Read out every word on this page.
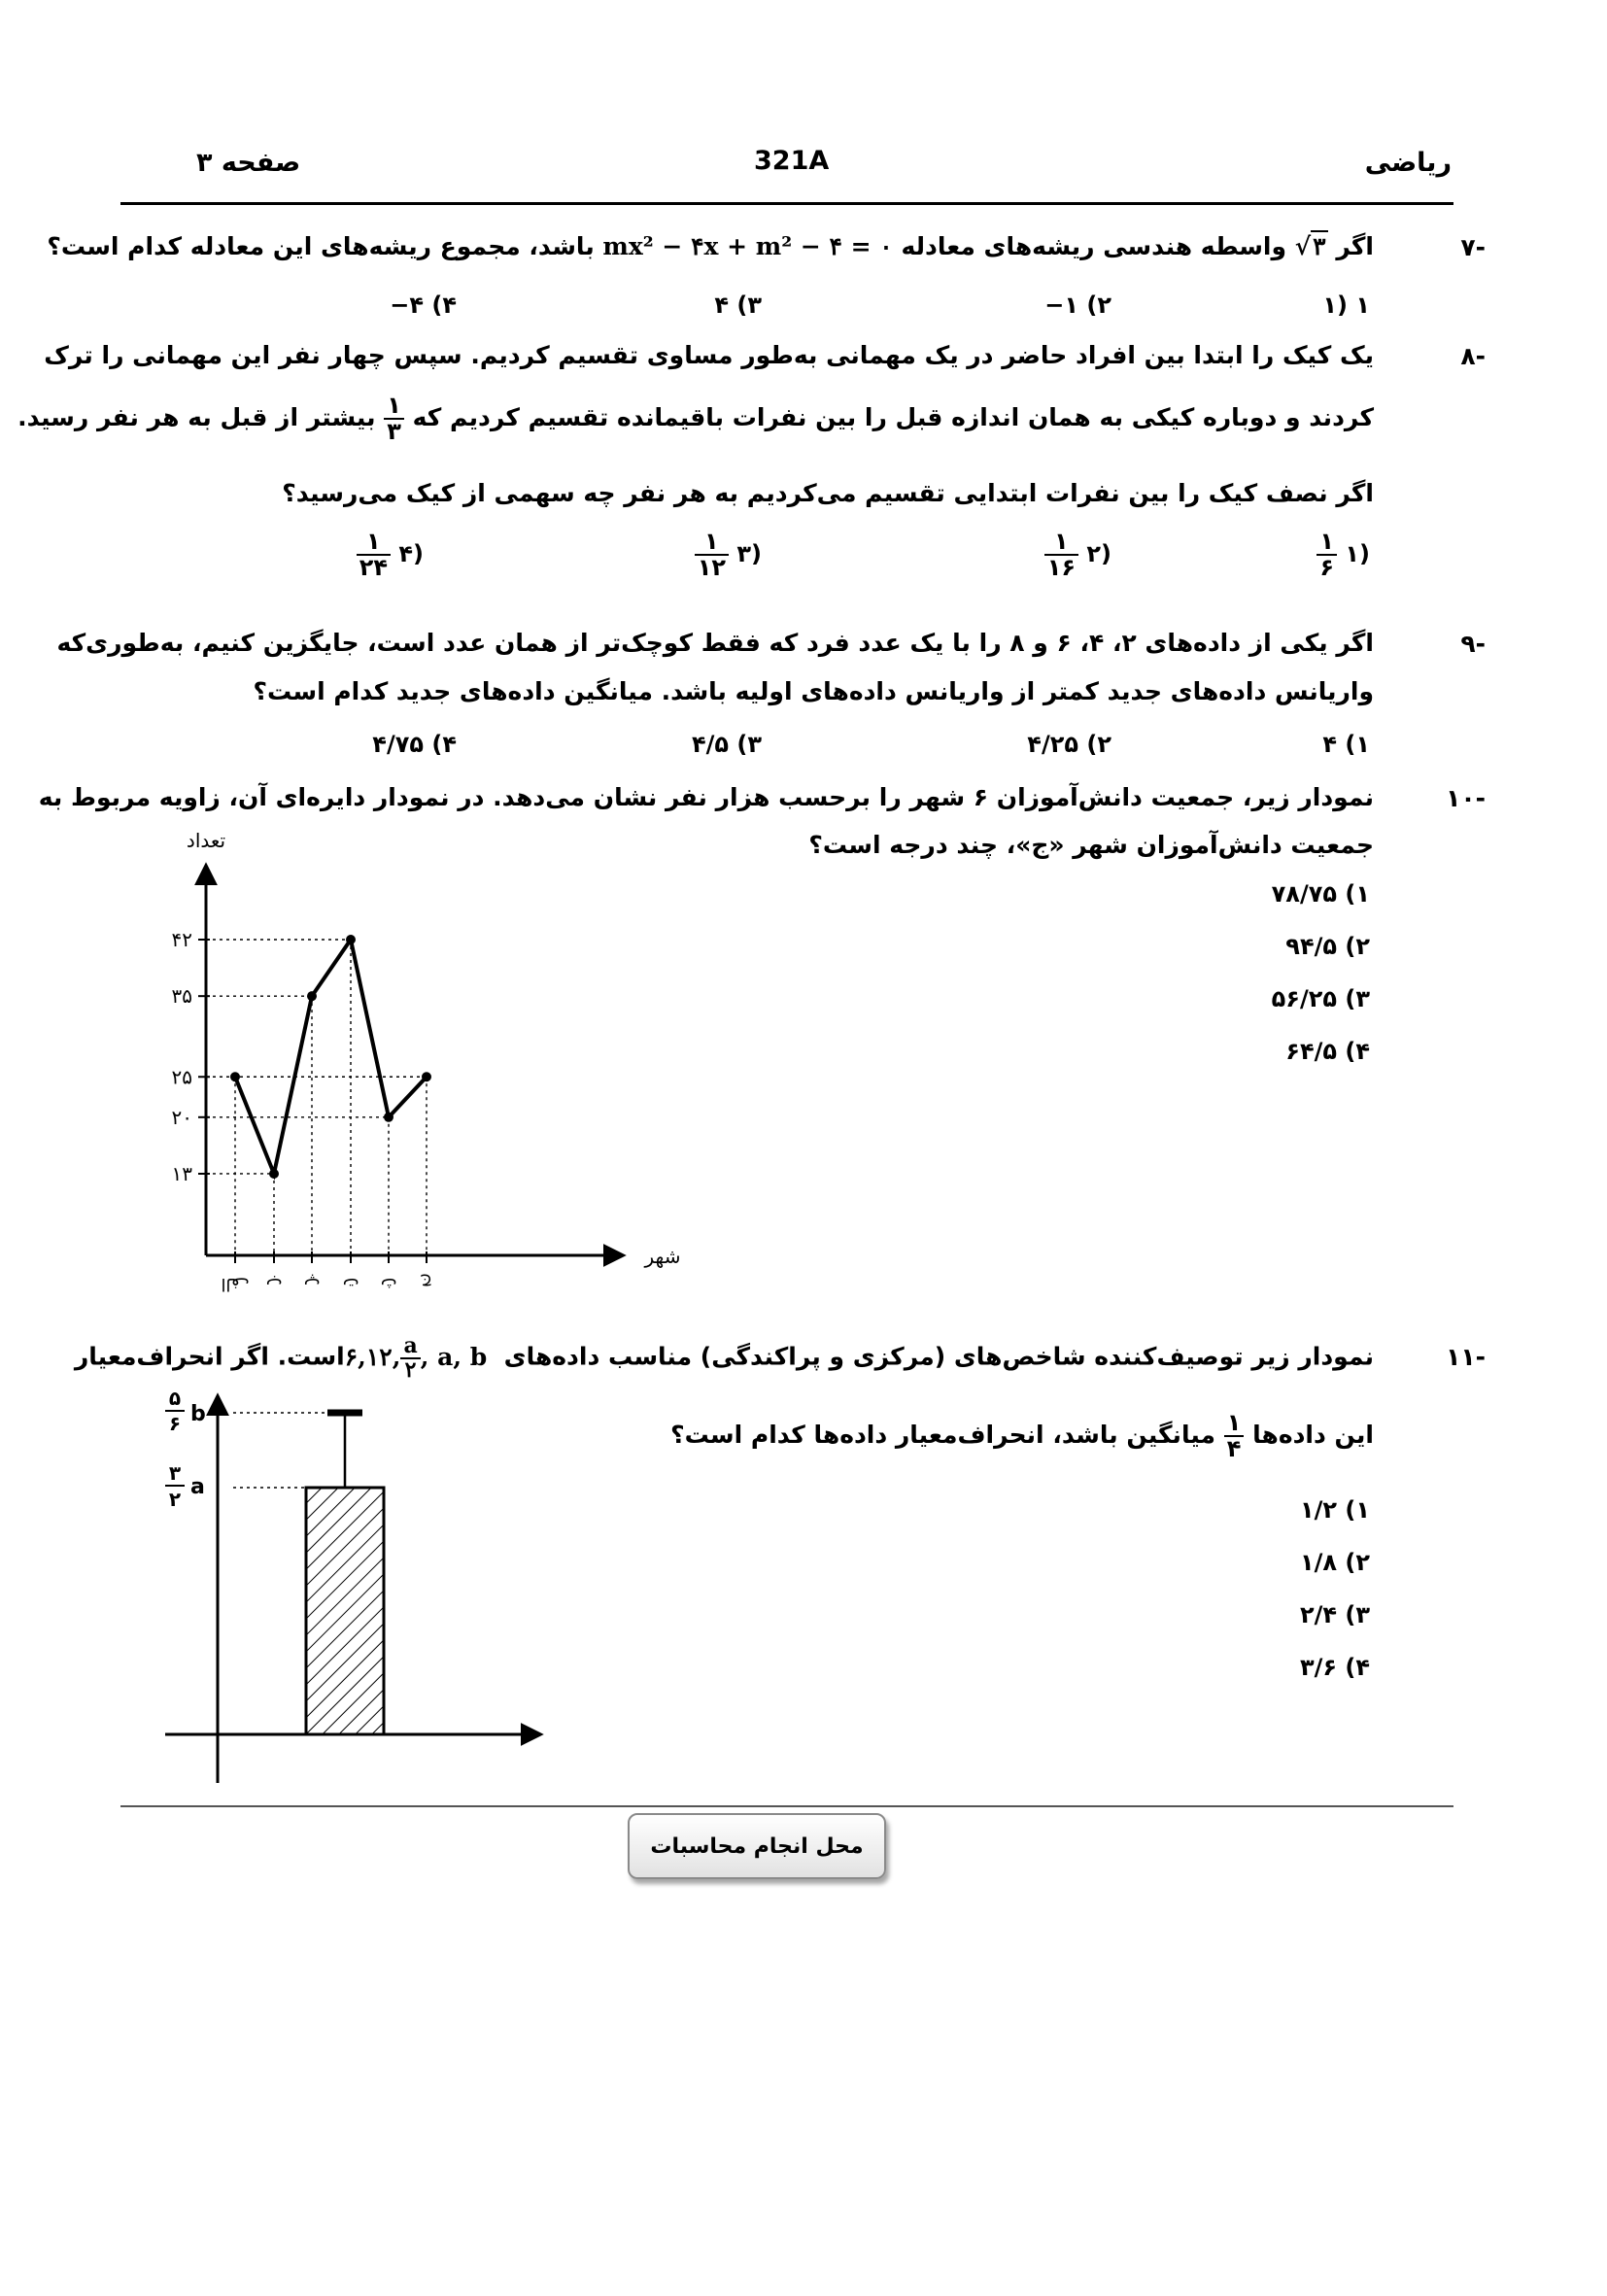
ریاضی
321A
صفحه ۳
-۷
اگر √۳ واسطه هندسی ریشه‌های معادله mx² − ۴x + m² − ۴ = ۰ باشد، مجموع ریشه‌های این معادله کدام است؟
۱ (۱
۲) ۱−
۳) ۴
۴) ۴−
-۸
یک کیک را ابتدا بین افراد حاضر در یک مهمانی به‌طور مساوی تقسیم کردیم. سپس چهار نفر این مهمانی را ترک
کردند و دوباره کیکی به همان اندازه قبل را بین نفرات باقیمانده تقسیم کردیم که
$\frac{۱}{۳}$
بیشتر از قبل به هر نفر رسید.
اگر نصف کیک را بین نفرات ابتدایی تقسیم می‌کردیم به هر نفر چه سهمی از کیک می‌رسید؟
(۱
$\frac{۱}{۶}$
(۲
$\frac{۱}{۱۶}$
(۳
$\frac{۱}{۱۲}$
(۴
$\frac{۱}{۲۴}$
-۹
اگر یکی از داده‌های ۲، ۴، ۶ و ۸ را با یک عدد فرد که فقط کوچک‌تر از همان عدد است، جایگزین کنیم، به‌طوری‌که
واریانس داده‌های جدید کمتر از واریانس داده‌های اولیه باشد. میانگین داده‌های جدید کدام است؟
۱) ۴
۲) ۴/۲۵
۳) ۴/۵
۴) ۴/۷۵
-۱۰
نمودار زیر، جمعیت دانش‌آموزان ۶ شهر را برحسب هزار نفر نشان می‌دهد. در نمودار دایره‌ای آن، زاویه مربوط به
جمعیت دانش‌آموزان شهر «ج»، چند درجه است؟
۱) ۷۸/۷۵
۲) ۹۴/۵
۳) ۵۶/۲۵
۴) ۶۴/۵
تعداد
شهر
۱۳
۲۰
۲۵
۳۵
۴۲
الف ب پ ت ث ج
-۱۱
نمودار زیر توصیف‌کننده شاخص‌های (مرکزی و پراکندگی) مناسب داده‌های ۶,۱۲, $\frac{a}{۲}$ , a, b است. اگر انحراف‌معیار
این داده‌ها
$\frac{۱}{۴}$
میانگین باشد، انحراف‌معیار داده‌ها کدام است؟
۱) ۱/۲
۲) ۱/۸
۳) ۲/۴
۴) ۳/۶
۵
۶ b
۳
۲ a
محل انجام محاسبات
